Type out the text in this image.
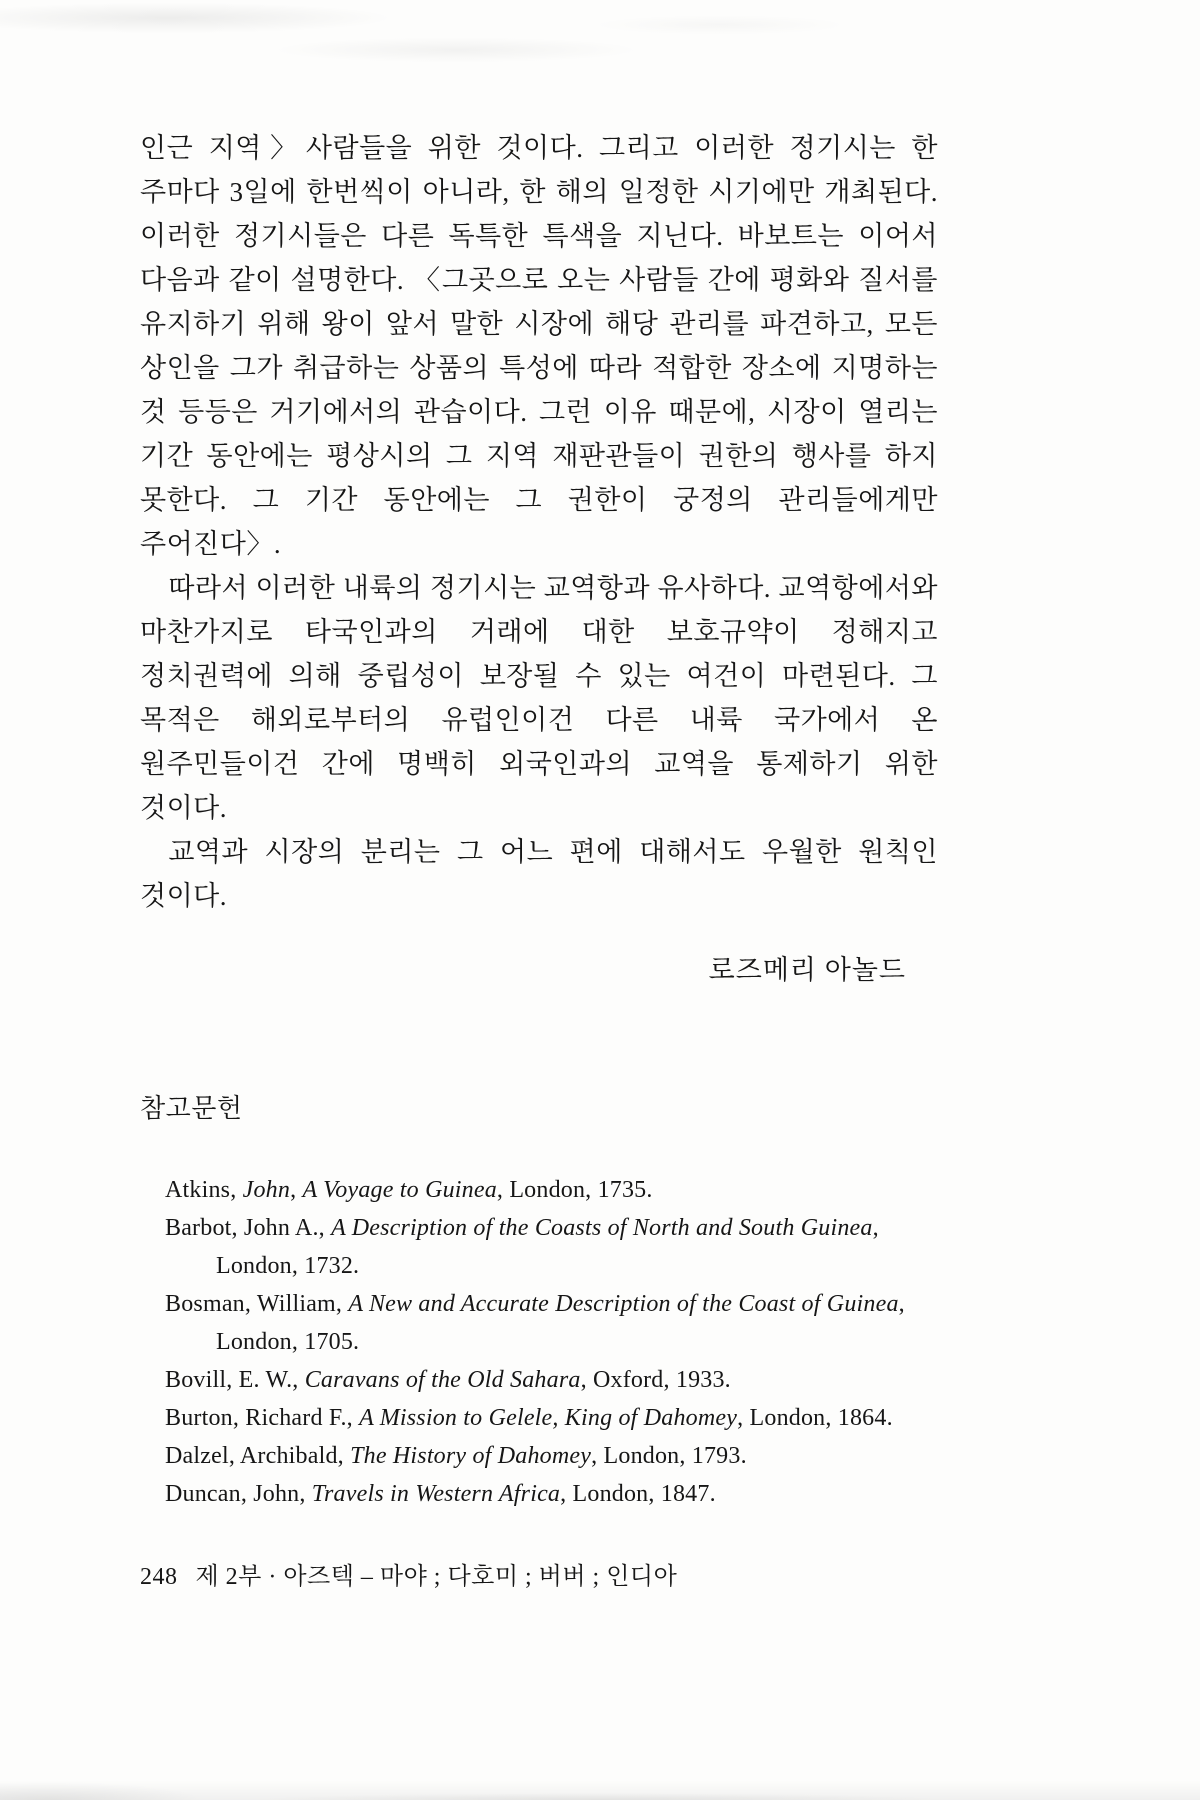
인근 지역〉사람들을 위한 것이다. 그리고 이러한 정기시는 한 주마다 3일에 한번씩이 아니라, 한 해의 일정한 시기에만 개최된다. 이러한 정기시들은 다른 독특한 특색을 지닌다. 바보트는 이어서 다음과 같이 설명한다. 〈그곳으로 오는 사람들 간에 평화와 질서를 유지하기 위해 왕이 앞서 말한 시장에 해당 관리를 파견하고, 모든 상인을 그가 취급하는 상품의 특성에 따라 적합한 장소에 지명하는 것 등등은 거기에서의 관습이다. 그런 이유 때문에, 시장이 열리는 기간 동안에는 평상시의 그 지역 재판관들이 권한의 행사를 하지 못한다. 그 기간 동안에는 그 권한이 궁정의 관리들에게만 주어진다〉.

따라서 이러한 내륙의 정기시는 교역항과 유사하다. 교역항에서와 마찬가지로 타국인과의 거래에 대한 보호규약이 정해지고 정치권력에 의해 중립성이 보장될 수 있는 여건이 마련된다. 그 목적은 해외로부터의 유럽인이건 다른 내륙 국가에서 온 원주민들이건 간에 명백히 외국인과의 교역을 통제하기 위한 것이다.

교역과 시장의 분리는 그 어느 편에 대해서도 우월한 원칙인 것이다.

로즈메리 아놀드
참고문헌
Atkins, John, A Voyage to Guinea, London, 1735.
Barbot, John A., A Description of the Coasts of North and South Guinea, London, 1732.
Bosman, William, A New and Accurate Description of the Coast of Guinea, London, 1705.
Bovill, E. W., Caravans of the Old Sahara, Oxford, 1933.
Burton, Richard F., A Mission to Gelele, King of Dahomey, London, 1864.
Dalzel, Archibald, The History of Dahomey, London, 1793.
Duncan, John, Travels in Western Africa, London, 1847.
248 제 2부 · 아즈텍 – 마야 ; 다호미 ; 버버 ; 인디아
